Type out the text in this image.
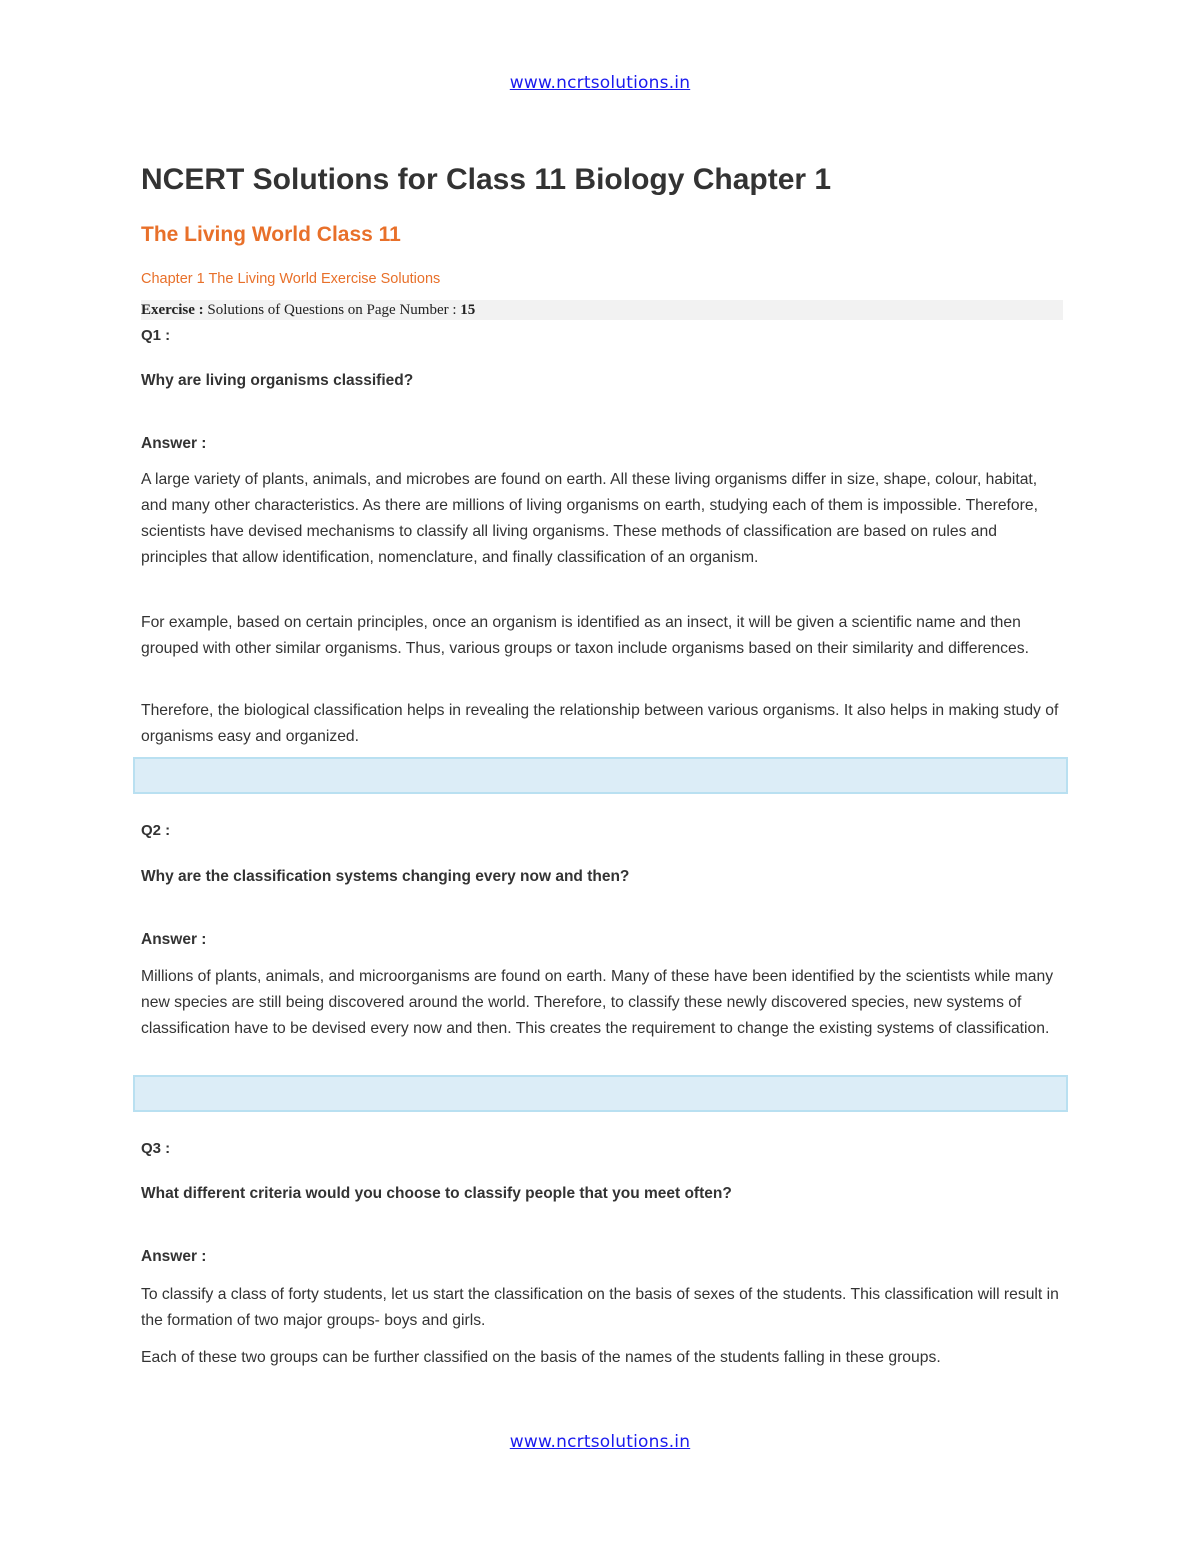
www.ncrtsolutions.in
NCERT Solutions for Class 11 Biology Chapter 1
The Living World Class 11
Chapter 1 The Living World Exercise Solutions
Exercise : Solutions of Questions on Page Number : 15
Q1 :
Why are living organisms classified?
Answer :

A large variety of plants, animals, and microbes are found on earth. All these living organisms differ in size, shape, colour, habitat, and many other characteristics. As there are millions of living organisms on earth, studying each of them is impossible. Therefore, scientists have devised mechanisms to classify all living organisms. These methods of classification are based on rules and principles that allow identification, nomenclature, and finally classification of an organism.

For example, based on certain principles, once an organism is identified as an insect, it will be given a scientific name and then grouped with other similar organisms. Thus, various groups or taxon include organisms based on their similarity and differences.

Therefore, the biological classification helps in revealing the relationship between various organisms. It also helps in making study of organisms easy and organized.

Q2 :
Why are the classification systems changing every now and then?
Answer :

Millions of plants, animals, and microorganisms are found on earth. Many of these have been identified by the scientists while many new species are still being discovered around the world. Therefore, to classify these newly discovered species, new systems of classification have to be devised every now and then. This creates the requirement to change the existing systems of classification.

Q3 :
What different criteria would you choose to classify people that you meet often?
Answer :

To classify a class of forty students, let us start the classification on the basis of sexes of the students. This classification will result in the formation of two major groups- boys and girls.

Each of these two groups can be further classified on the basis of the names of the students falling in these groups.

www.ncrtsolutions.in
